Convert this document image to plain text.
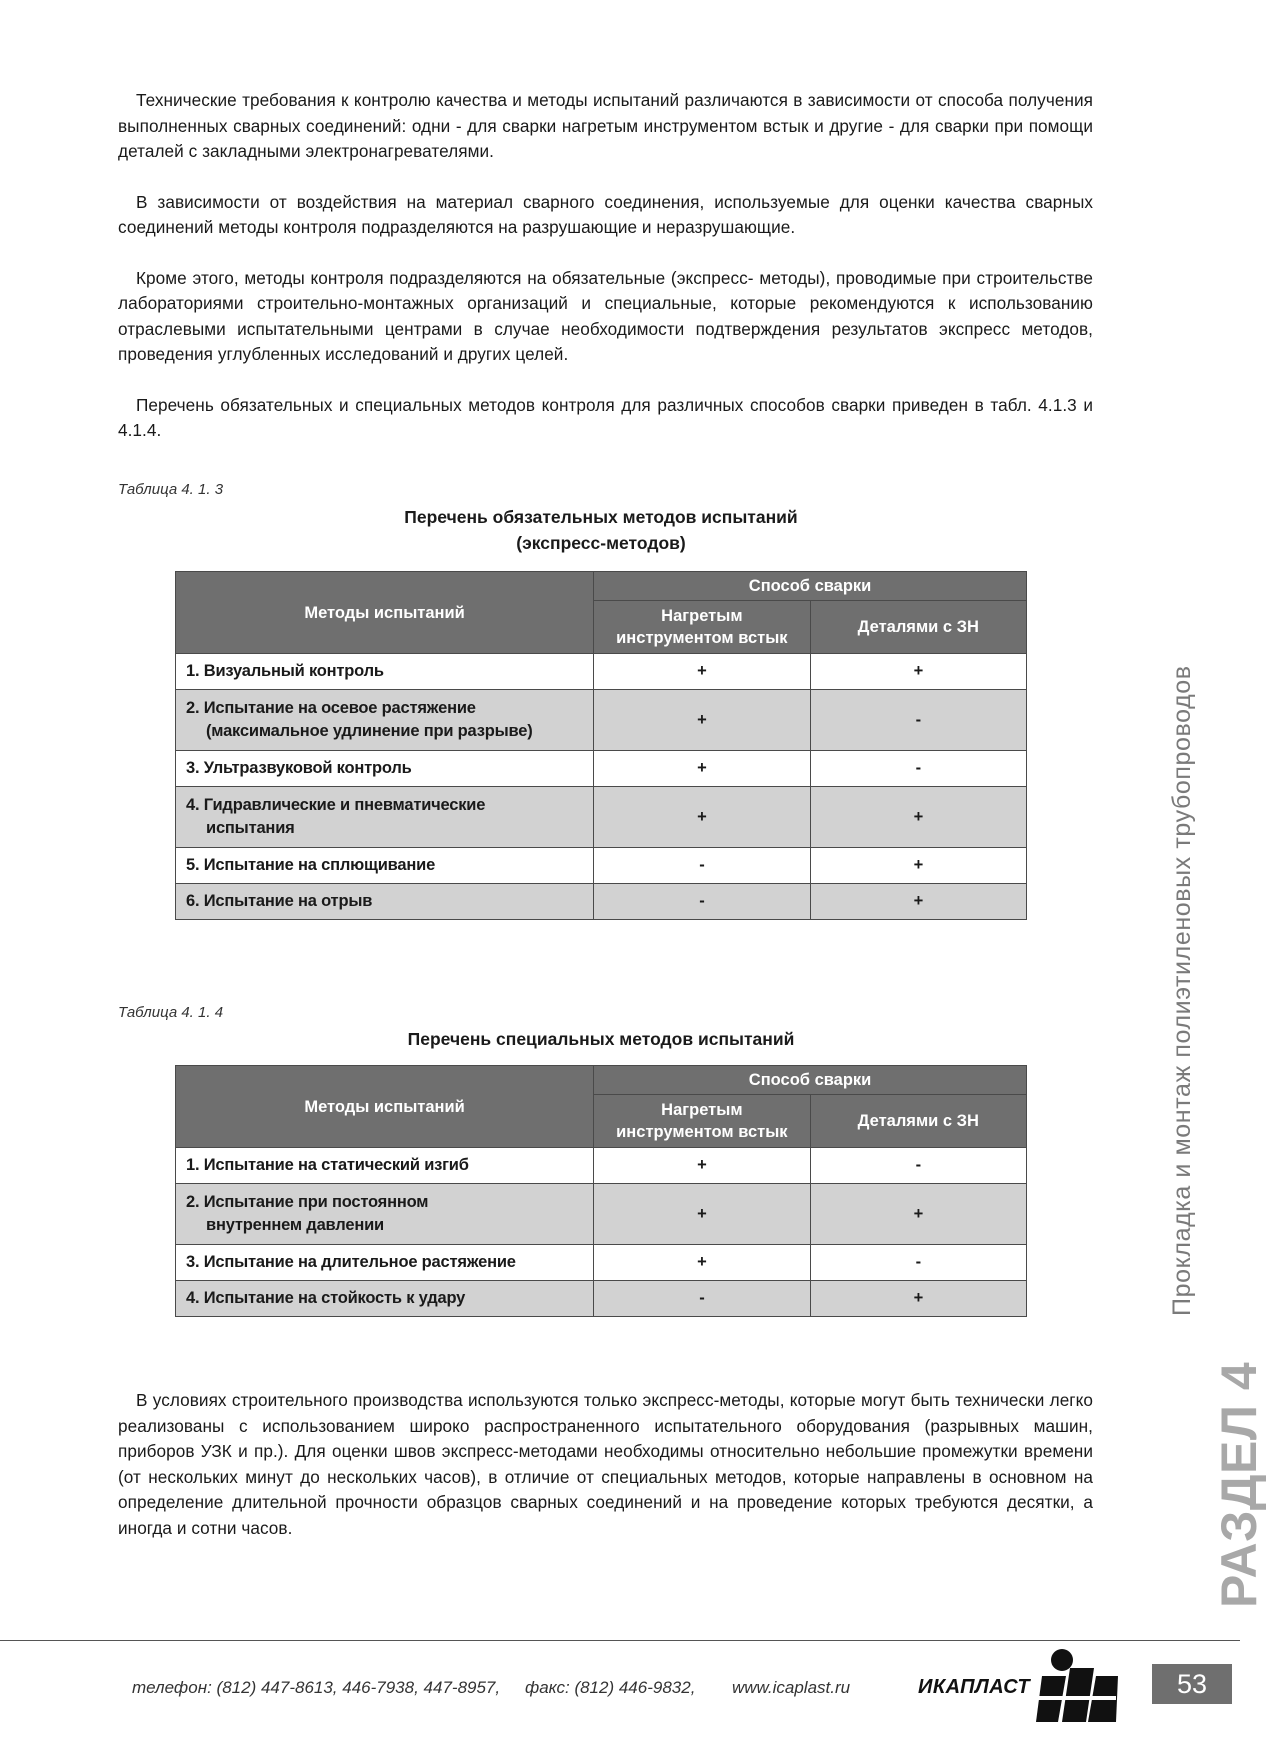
Технические требования к контролю качества и методы испытаний различаются в зависимости от способа получения выполненных сварных соединений: одни - для сварки нагретым инструментом встык и другие - для сварки при помощи деталей с закладными электронагревателями.

В зависимости от воздействия на материал сварного соединения, используемые для оценки качества сварных соединений методы контроля подразделяются на разрушающие и неразрушающие.

Кроме этого, методы контроля подразделяются на обязательные (экспресс- методы), проводимые при строительстве лабораториями строительно-монтажных организаций и специальные, которые рекомендуются к использованию отраслевыми испытательными центрами в случае необходимости подтверждения результатов экспресс методов, проведения углубленных исследований и других целей.

Перечень обязательных и специальных методов контроля для различных способов сварки приведен в табл. 4.1.3 и 4.1.4.

Таблица 4. 1. 3
Перечень обязательных методов испытаний
(экспресс-методов)
Методы испытаний	Способ сварки	

	Нагретым
инструментом встык	Деталями с ЗН

1. Визуальный контроль	+	+

2. Испытание на осевое растяжение
(максимальное удлинение при разрыве)	+	-

3. Ультразвуковой контроль	+	-

4. Гидравлические и пневматические
испытания	+	+

5. Испытание на сплющивание	-	+

6. Испытание на отрыв	-	+
Таблица 4. 1. 4
Перечень специальных методов испытаний
Методы испытаний	Способ сварки	

	Нагретым
инструментом встык	Деталями с ЗН

1. Испытание на статический изгиб	+	-

2. Испытание при постоянном
внутреннем давлении	+	+

3. Испытание на длительное растяжение	+	-

4. Испытание на стойкость к удару	-	+

В условиях строительного производства используются только экспресс-методы, которые могут быть технически легко реализованы с использованием широко распространенного испытательного оборудования (разрывных машин, приборов УЗК и пр.). Для оценки швов экспресс-методами необходимы относительно небольшие промежутки времени (от нескольких минут до нескольких часов), в отличие от специальных методов, которые направлены в основном на определение длительной прочности образцов сварных соединений и на проведение которых требуются десятки, а иногда и сотни часов.

Прокладка и монтаж полиэтиленовых трубопроводов
РАЗДЕЛ 4
телефон: (812) 447-8613, 446-7938, 447-8957, факс: (812) 446-9832, www.icaplast.ru	ИКАПЛАСТ	53
